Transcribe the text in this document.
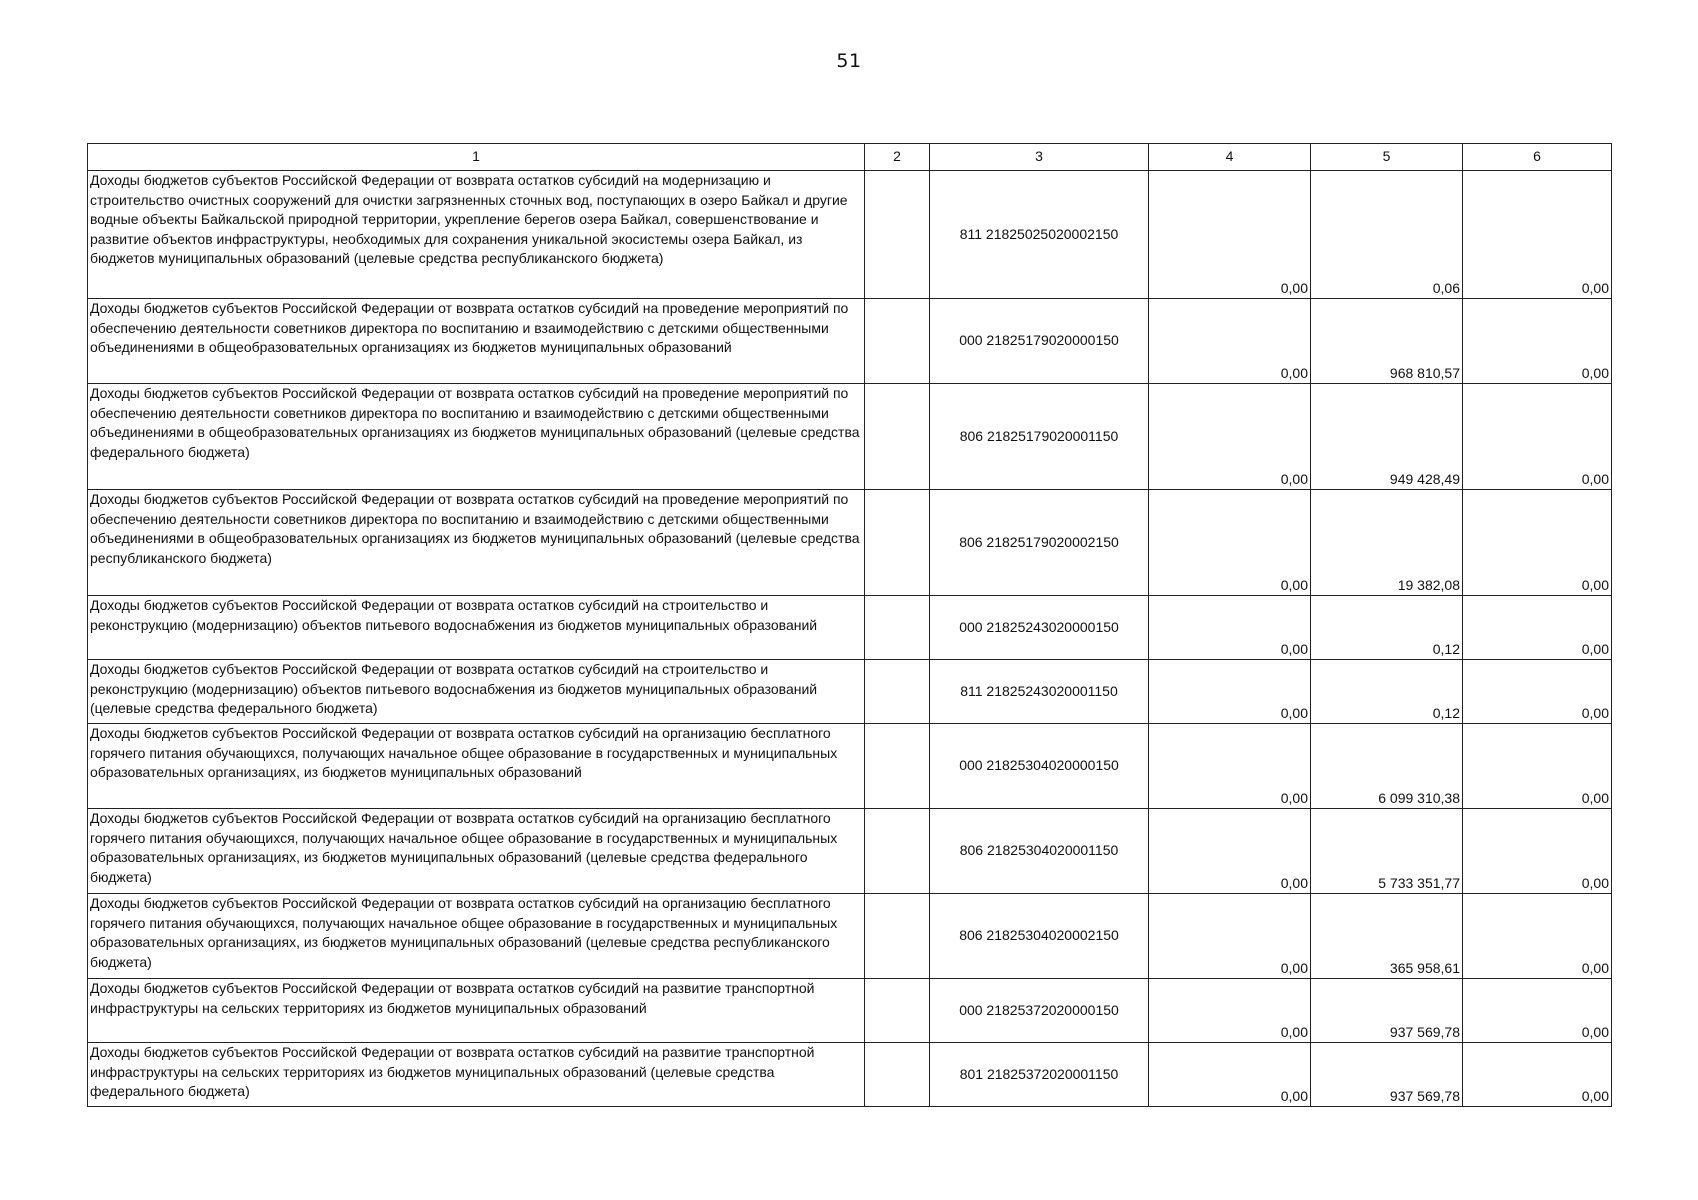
51
1	2	3	4	5	6
Доходы бюджетов субъектов Российской Федерации от возврата остатков субсидий на модернизацию и строительство очистных сооружений для очистки загрязненных сточных вод, поступающих в озеро Байкал и другие водные объекты Байкальской природной территории, укрепление берегов озера Байкал, совершенствование и развитие объектов инфраструктуры, необходимых для сохранения уникальной экосистемы озера Байкал, из бюджетов муниципальных образований (целевые средства республиканского бюджета)		811 21825025020002150	0,00	0,06	0,00
Доходы бюджетов субъектов Российской Федерации от возврата остатков субсидий на проведение мероприятий по обеспечению деятельности советников директора по воспитанию и взаимодействию с детскими общественными объединениями в общеобразовательных организациях из бюджетов муниципальных образований		000 21825179020000150	0,00	968 810,57	0,00
Доходы бюджетов субъектов Российской Федерации от возврата остатков субсидий на проведение мероприятий по обеспечению деятельности советников директора по воспитанию и взаимодействию с детскими общественными объединениями в общеобразовательных организациях из бюджетов муниципальных образований (целевые средства федерального бюджета)		806 21825179020001150	0,00	949 428,49	0,00
Доходы бюджетов субъектов Российской Федерации от возврата остатков субсидий на проведение мероприятий по обеспечению деятельности советников директора по воспитанию и взаимодействию с детскими общественными объединениями в общеобразовательных организациях из бюджетов муниципальных образований (целевые средства республиканского бюджета)		806 21825179020002150	0,00	19 382,08	0,00
Доходы бюджетов субъектов Российской Федерации от возврата остатков субсидий на строительство и реконструкцию (модернизацию) объектов питьевого водоснабжения из бюджетов муниципальных образований		000 21825243020000150	0,00	0,12	0,00
Доходы бюджетов субъектов Российской Федерации от возврата остатков субсидий на строительство и реконструкцию (модернизацию) объектов питьевого водоснабжения из бюджетов муниципальных образований (целевые средства федерального бюджета)		811 21825243020001150	0,00	0,12	0,00
Доходы бюджетов субъектов Российской Федерации от возврата остатков субсидий на организацию бесплатного горячего питания обучающихся, получающих начальное общее образование в государственных и муниципальных образовательных организациях, из бюджетов муниципальных образований		000 21825304020000150	0,00	6 099 310,38	0,00
Доходы бюджетов субъектов Российской Федерации от возврата остатков субсидий на организацию бесплатного горячего питания обучающихся, получающих начальное общее образование в государственных и муниципальных образовательных организациях, из бюджетов муниципальных образований (целевые средства федерального бюджета)		806 21825304020001150	0,00	5 733 351,77	0,00
Доходы бюджетов субъектов Российской Федерации от возврата остатков субсидий на организацию бесплатного горячего питания обучающихся, получающих начальное общее образование в государственных и муниципальных образовательных организациях, из бюджетов муниципальных образований (целевые средства республиканского бюджета)		806 21825304020002150	0,00	365 958,61	0,00
Доходы бюджетов субъектов Российской Федерации от возврата остатков субсидий на развитие транспортной инфраструктуры на сельских территориях из бюджетов муниципальных образований		000 21825372020000150	0,00	937 569,78	0,00
Доходы бюджетов субъектов Российской Федерации от возврата остатков субсидий на развитие транспортной инфраструктуры на сельских территориях из бюджетов муниципальных образований (целевые средства федерального бюджета)		801 21825372020001150	0,00	937 569,78	0,00
